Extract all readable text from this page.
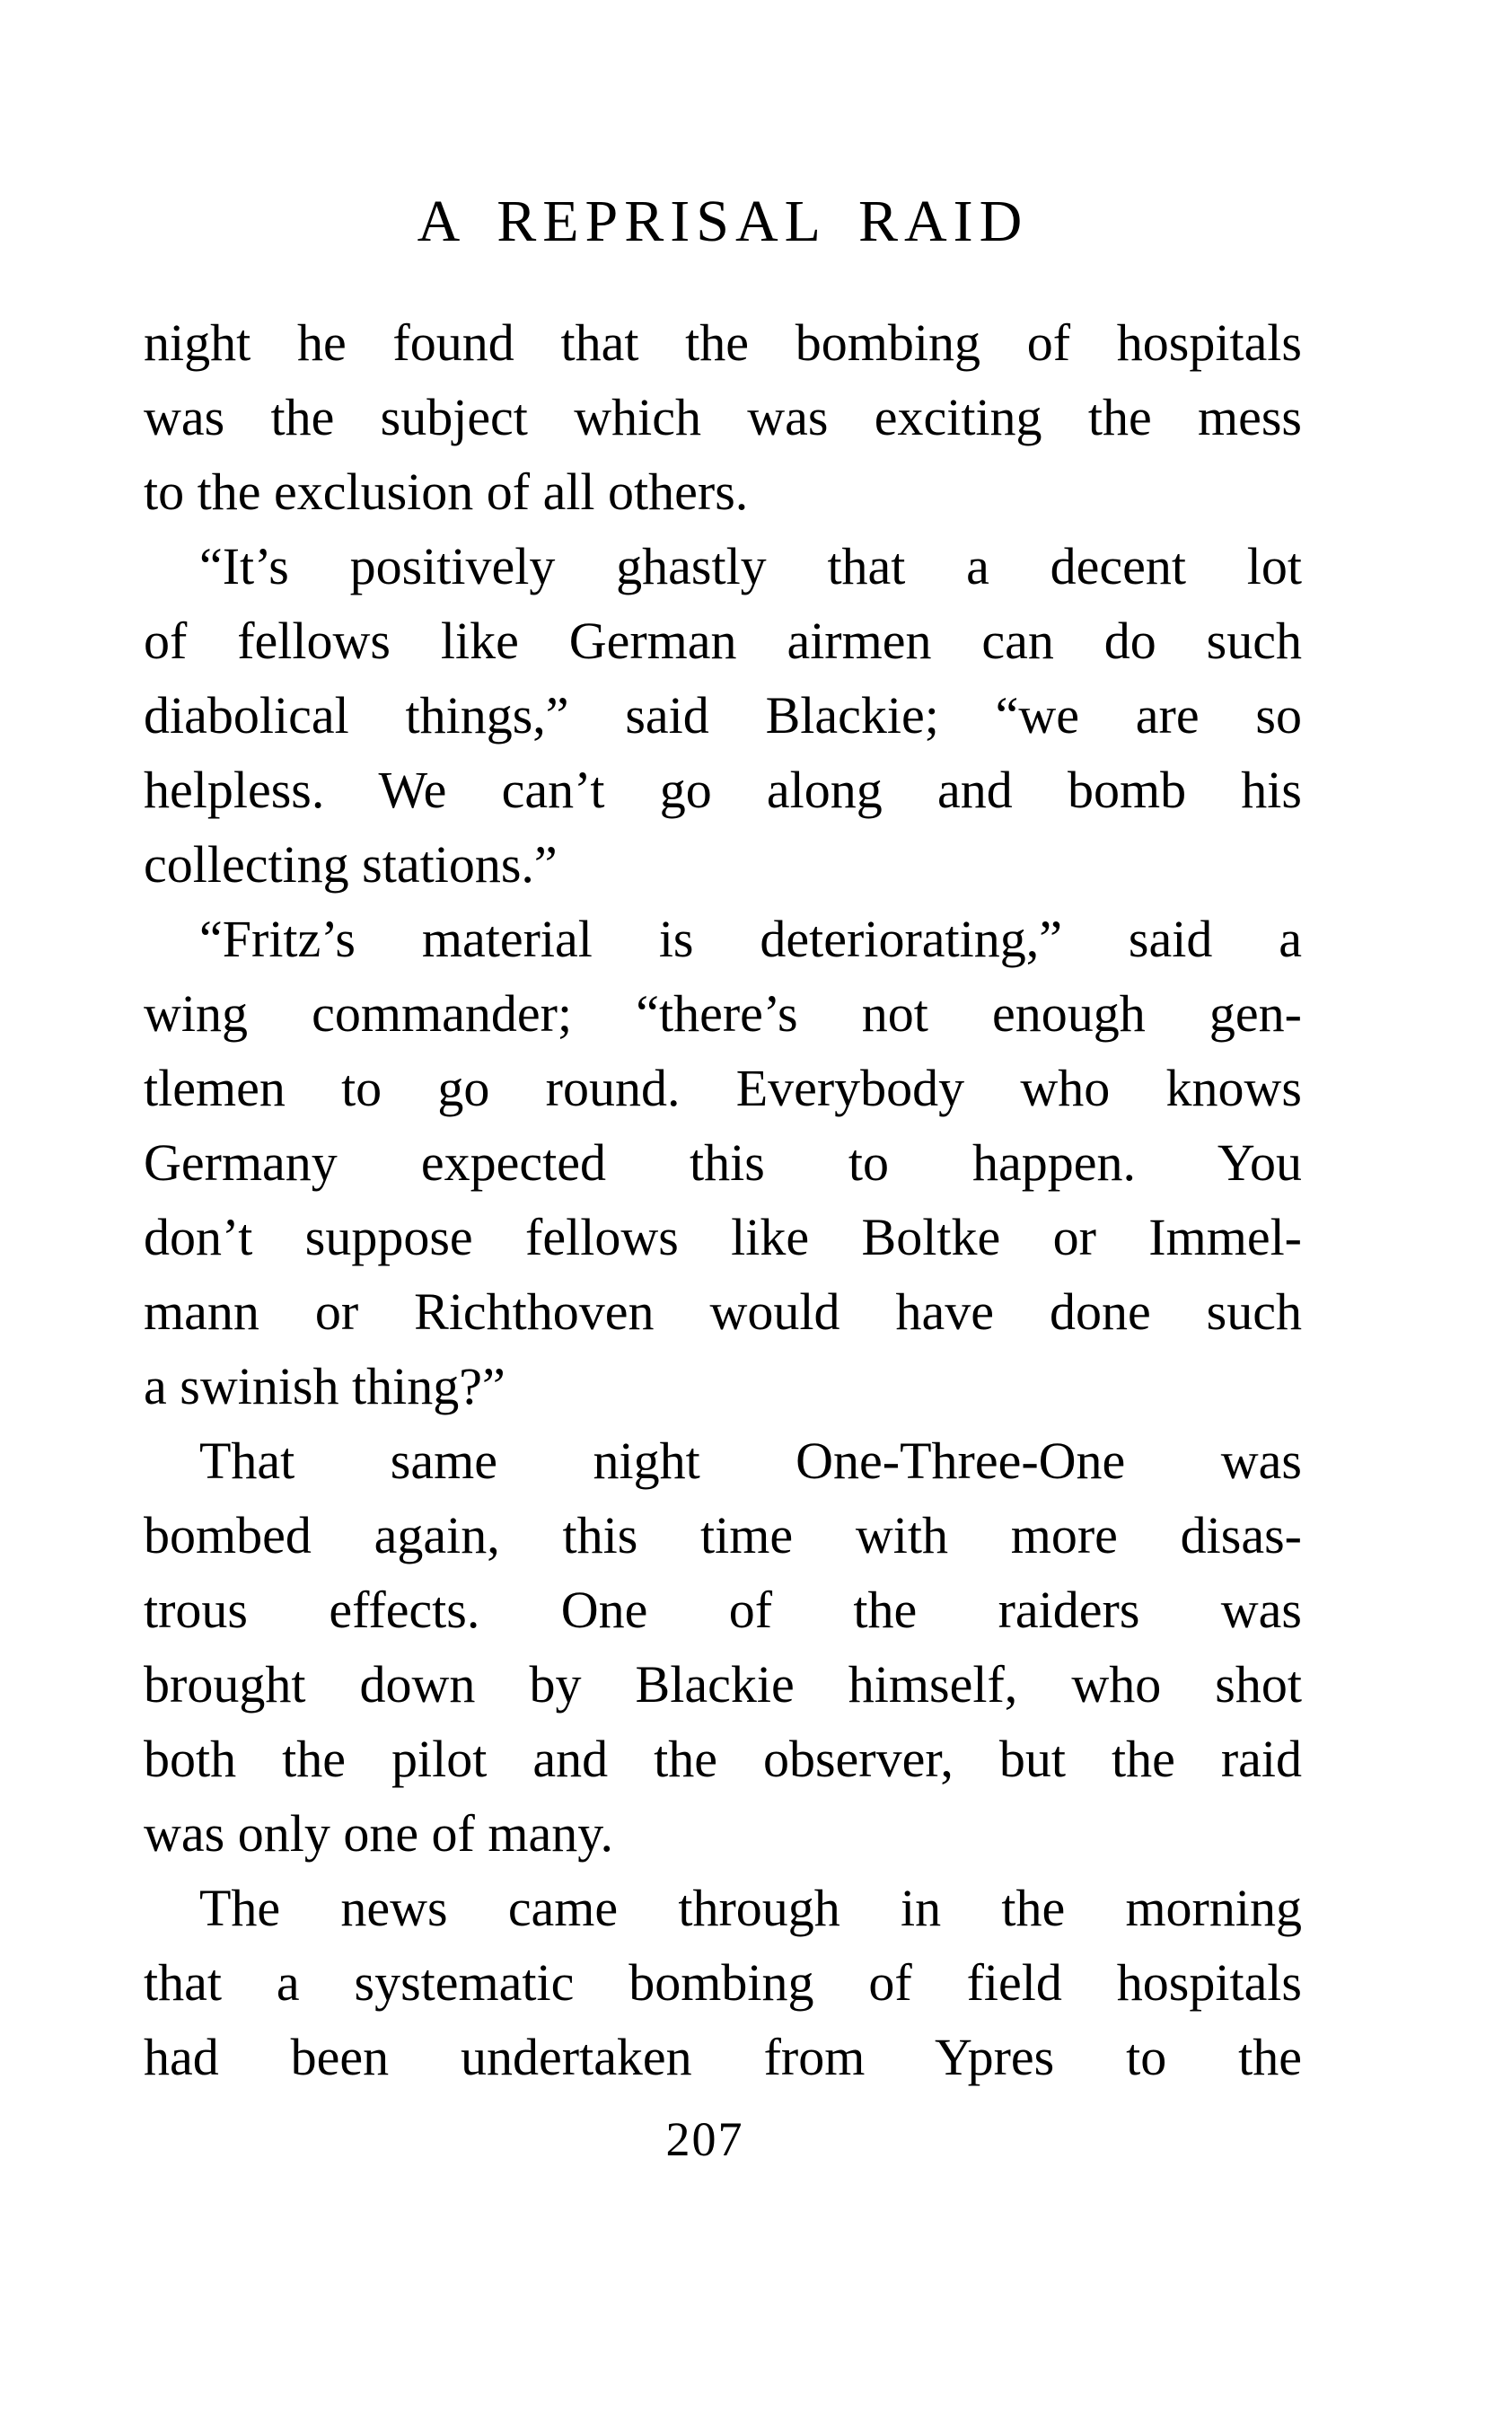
A REPRISAL RAID
night he found that the bombing of hospitals
was the subject which was exciting the mess
to the exclusion of all others.
“It’s positively ghastly that a decent lot
of fellows like German airmen can do such
diabolical things,” said Blackie; “we are so
helpless. We can’t go along and bomb his
collecting stations.”
“Fritz’s material is deteriorating,” said a
wing commander; “there’s not enough gen-
tlemen to go round. Everybody who knows
Germany expected this to happen. You
don’t suppose fellows like Boltke or Immel-
mann or Richthoven would have done such
a swinish thing?”
That same night One-Three-One was
bombed again, this time with more disas-
trous effects. One of the raiders was
brought down by Blackie himself, who shot
both the pilot and the observer, but the raid
was only one of many.
The news came through in the morning
that a systematic bombing of field hospitals
had been undertaken from Ypres to the
207
